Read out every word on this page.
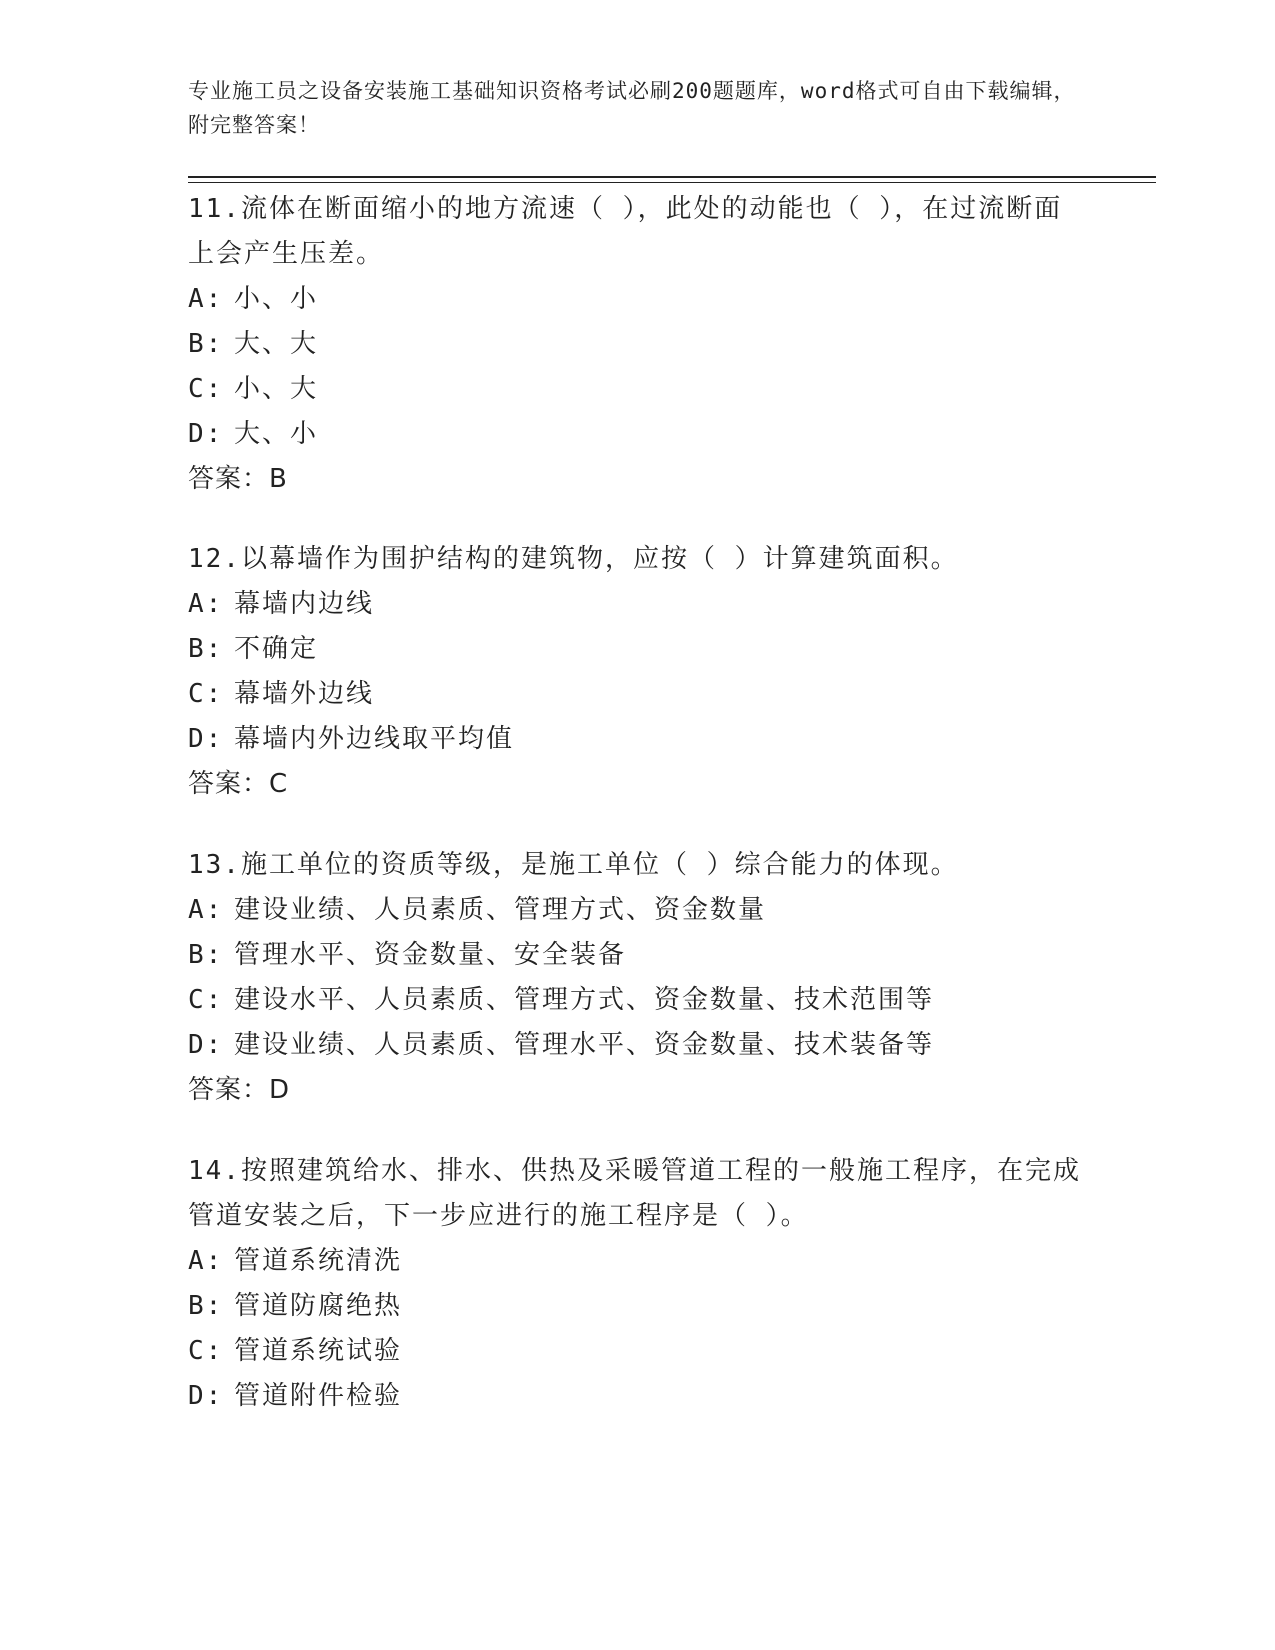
专业施工员之设备安装施工基础知识资格考试必刷200题题库，word格式可自由下载编辑，附完整答案！
11.流体在断面缩小的地方流速（ ），此处的动能也（ ），在过流断面上会产生压差。
A: 小、小
B: 大、大
C: 小、大
D: 大、小
答案：B
12.以幕墙作为围护结构的建筑物，应按（ ）计算建筑面积。
A: 幕墙内边线
B: 不确定
C: 幕墙外边线
D: 幕墙内外边线取平均值
答案：C
13.施工单位的资质等级，是施工单位（ ）综合能力的体现。
A: 建设业绩、人员素质、管理方式、资金数量
B: 管理水平、资金数量、安全装备
C: 建设水平、人员素质、管理方式、资金数量、技术范围等
D: 建设业绩、人员素质、管理水平、资金数量、技术装备等
答案：D
14.按照建筑给水、排水、供热及采暖管道工程的一般施工程序，在完成管道安装之后，下一步应进行的施工程序是（ ）。
A: 管道系统清洗
B: 管道防腐绝热
C: 管道系统试验
D: 管道附件检验
